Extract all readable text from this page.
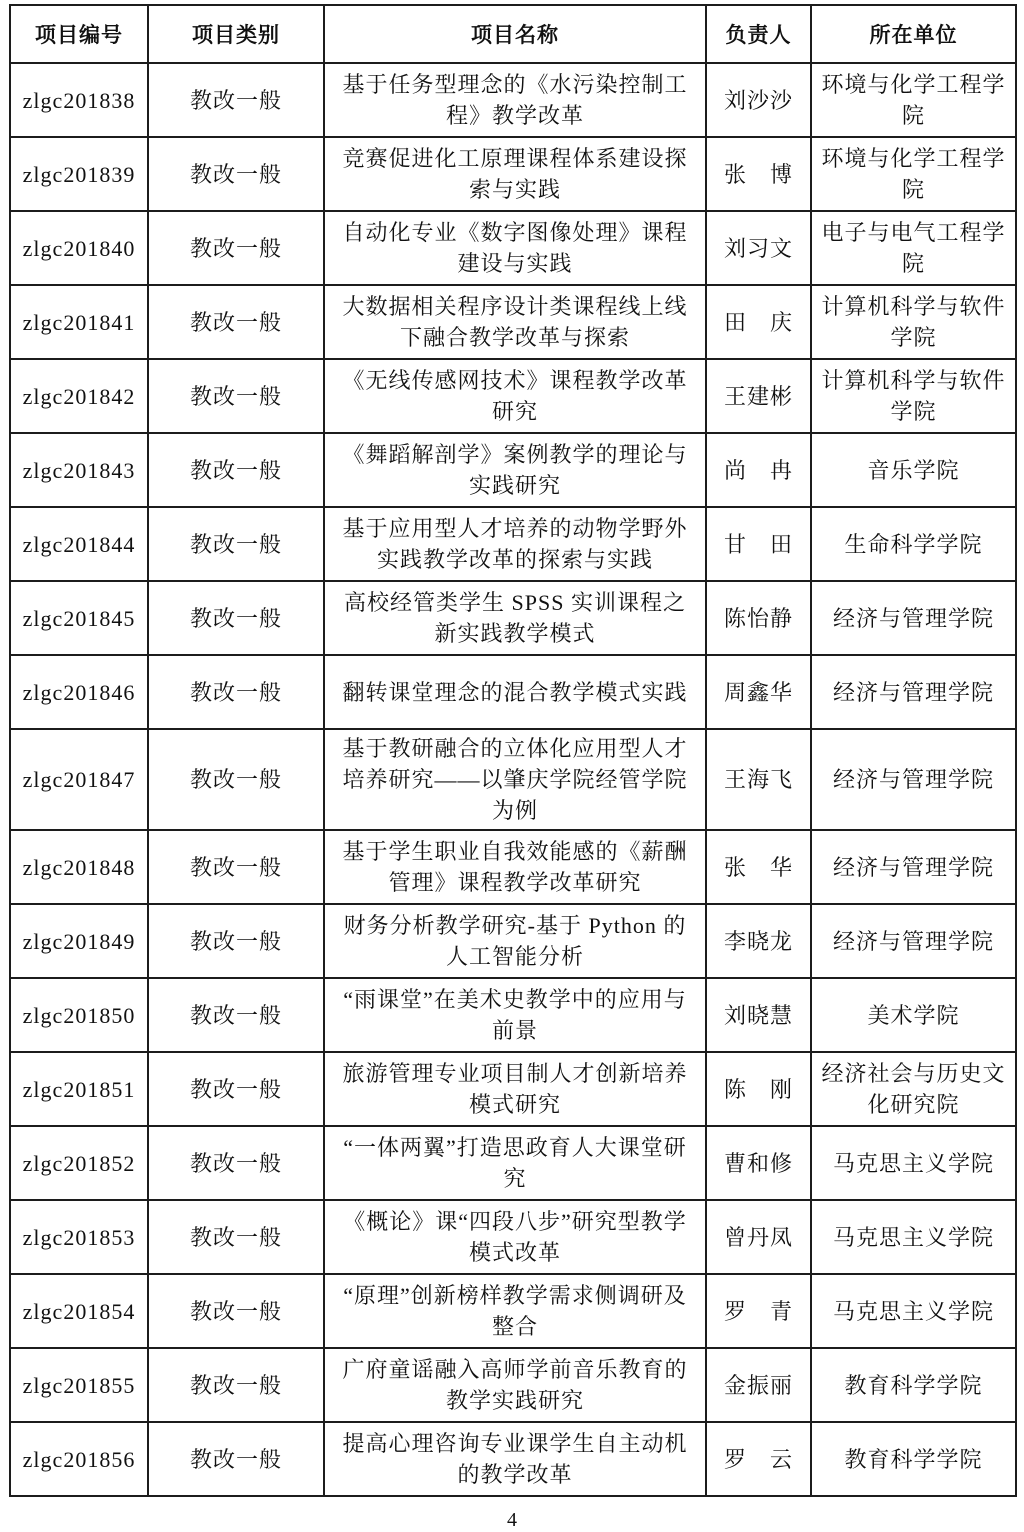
项目编号	项目类别	项目名称	负责人	所在单位
zlgc201838	教改一般	基于任务型理念的《水污染控制工程》教学改革	刘沙沙	环境与化学工程学院
zlgc201839	教改一般	竞赛促进化工原理课程体系建设探索与实践	张　博	环境与化学工程学院
zlgc201840	教改一般	自动化专业《数字图像处理》课程建设与实践	刘习文	电子与电气工程学院
zlgc201841	教改一般	大数据相关程序设计类课程线上线下融合教学改革与探索	田　庆	计算机科学与软件学院
zlgc201842	教改一般	《无线传感网技术》课程教学改革研究	王建彬	计算机科学与软件学院
zlgc201843	教改一般	《舞蹈解剖学》案例教学的理论与实践研究	尚　冉	音乐学院
zlgc201844	教改一般	基于应用型人才培养的动物学野外实践教学改革的探索与实践	甘　田	生命科学学院
zlgc201845	教改一般	高校经管类学生 SPSS 实训课程之新实践教学模式	陈怡静	经济与管理学院
zlgc201846	教改一般	翻转课堂理念的混合教学模式实践	周鑫华	经济与管理学院
zlgc201847	教改一般	基于教研融合的立体化应用型人才培养研究——以肇庆学院经管学院为例	王海飞	经济与管理学院
zlgc201848	教改一般	基于学生职业自我效能感的《薪酬管理》课程教学改革研究	张　华	经济与管理学院
zlgc201849	教改一般	财务分析教学研究-基于 Python 的人工智能分析	李晓龙	经济与管理学院
zlgc201850	教改一般	“雨课堂”在美术史教学中的应用与前景	刘晓慧	美术学院
zlgc201851	教改一般	旅游管理专业项目制人才创新培养模式研究	陈　刚	经济社会与历史文化研究院
zlgc201852	教改一般	“一体两翼”打造思政育人大课堂研究	曹和修	马克思主义学院
zlgc201853	教改一般	《概论》课“四段八步”研究型教学模式改革	曾丹凤	马克思主义学院
zlgc201854	教改一般	“原理”创新榜样教学需求侧调研及整合	罗　青	马克思主义学院
zlgc201855	教改一般	广府童谣融入高师学前音乐教育的教学实践研究	金振丽	教育科学学院
zlgc201856	教改一般	提高心理咨询专业课学生自主动机的教学改革	罗　云	教育科学学院
4
